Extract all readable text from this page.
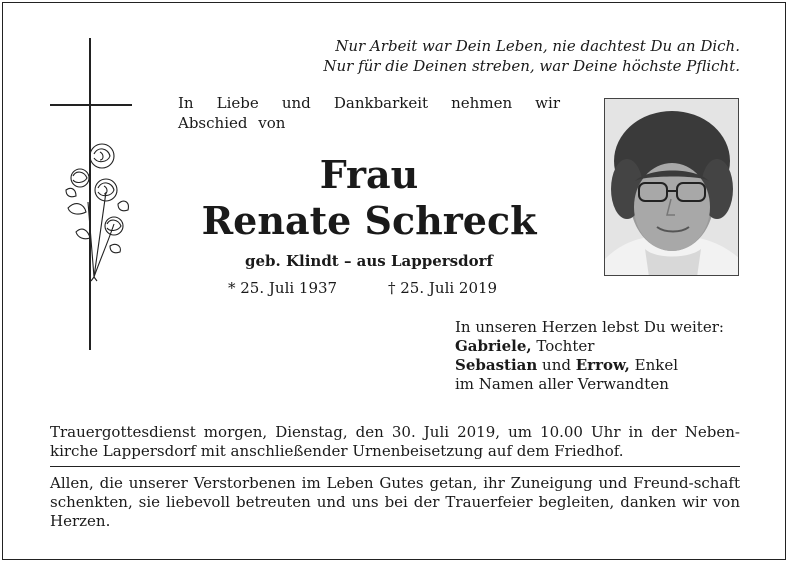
Nur Arbeit war Dein Leben, nie dachtest Du an Dich.
Nur für die Deinen streben, war Deine höchste Pflicht.
In Liebe und Dankbarkeit nehmen wir Abschied von
Frau
Renate Schreck
geb. Klindt – aus Lappersdorf
* 25. Juli 1937	† 25. Juli 2019
In unseren Herzen lebst Du weiter:
Gabriele, Tochter
Sebastian und Errow, Enkel
im Namen aller Verwandten
Trauergottesdienst morgen, Dienstag, den 30. Juli 2019, um 10.00 Uhr in der Neben-kirche Lappersdorf mit anschließender Urnenbeisetzung auf dem Friedhof.
Allen, die unserer Verstorbenen im Leben Gutes getan, ihr Zuneigung und Freund-schaft schenkten, sie liebevoll betreuten und uns bei der Trauerfeier begleiten, danken wir von Herzen.
